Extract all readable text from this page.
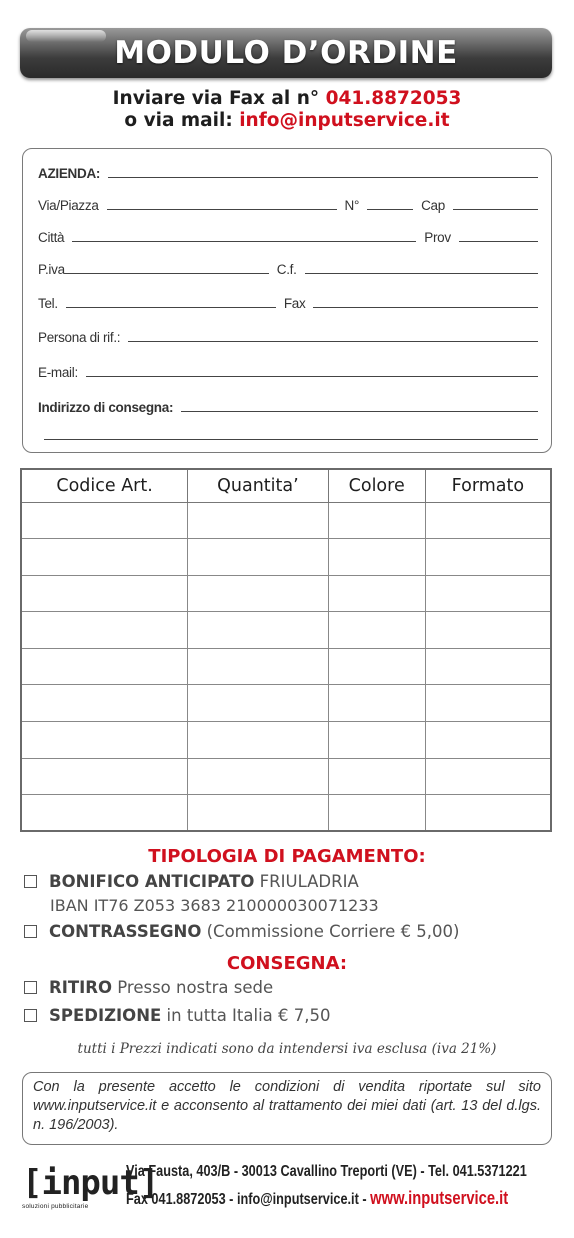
MODULO D’ORDINE
Inviare via Fax al n° 041.8872053
o via mail: info@inputservice.it
AZIENDA:
Via/Piazza	N°	Cap
Città	Prov
P.iva	C.f.
Tel.	Fax
Persona di rif.:
E-mail:
Indirizzo di consegna:
Codice Art.	Quantita’	Colore	Formato

TIPOLOGIA DI PAGAMENTO:
BONIFICO ANTICIPATO
FRIULADRIA
IBAN IT76 Z053 3683 210000030071233
CONTRASSEGNO
(Commissione Corriere € 5,00)
CONSEGNA:
RITIRO
Presso nostra sede
SPEDIZIONE
in tutta Italia € 7,50
tutti i Prezzi indicati sono da intendersi iva esclusa (iva 21%)
Con la presente accetto le condizioni di vendita riportate sul sito www.inputservice.it e acconsento al trattamento dei miei dati (art. 13 del d.lgs. n. 196/2003).
[input]
soluzioni pubblicitarie
Via Fausta, 403/B - 30013 Cavallino Treporti (VE) - Tel. 041.5371221
Fax 041.8872053 - info@inputservice.it - www.inputservice.it
